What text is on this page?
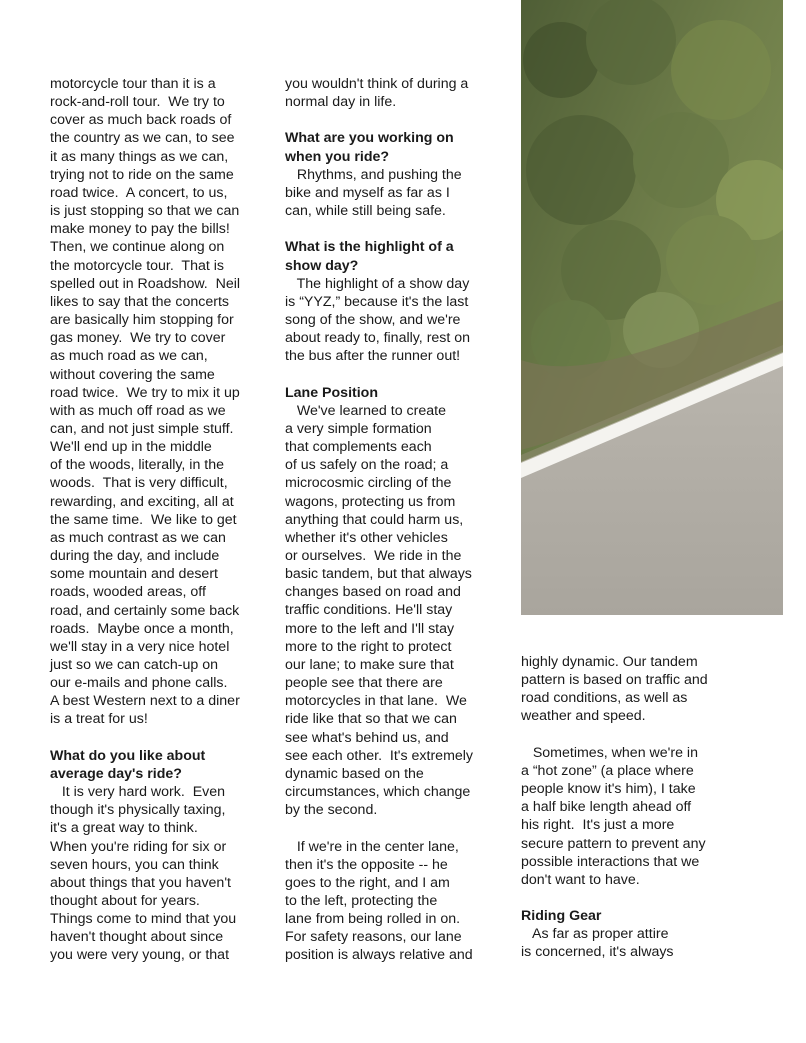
motorcycle tour than it is a

rock-and-roll tour.  We try to

cover as much back roads of

the country as we can, to see

it as many things as we can,

trying not to ride on the same

road twice.  A concert, to us,

is just stopping so that we can

make money to pay the bills!

Then, we continue along on

the motorcycle tour.  That is

spelled out in Roadshow.  Neil

likes to say that the concerts

are basically him stopping for

gas money.  We try to cover

as much road as we can,

without covering the same

road twice.  We try to mix it up

with as much off road as we

can, and not just simple stuff.

We'll end up in the middle

of the woods, literally, in the

woods.  That is very difficult,

rewarding, and exciting, all at

the same time.  We like to get

as much contrast as we can

during the day, and include

some mountain and desert

roads, wooded areas, off

road, and certainly some back

roads.  Maybe once a month,

we'll stay in a very nice hotel

just so we can catch-up on

our e-mails and phone calls.

A best Western next to a diner

is a treat for us!

What do you like about

average day's ride?

It is very hard work.  Even

though it's physically taxing,

it's a great way to think.

When you're riding for six or

seven hours, you can think

about things that you haven't

thought about for years.

Things come to mind that you

haven't thought about since

you were very young, or that

you wouldn't think of during a

normal day in life.

What are you working on

when you ride?

Rhythms, and pushing the

bike and myself as far as I

can, while still being safe.

What is the highlight of a

show day?

The highlight of a show day

is “YYZ,” because it's the last

song of the show, and we're

about ready to, finally, rest on

the bus after the runner out!

Lane Position

We've learned to create

a very simple formation

that complements each

of us safely on the road; a

microcosmic circling of the

wagons, protecting us from

anything that could harm us,

whether it's other vehicles

or ourselves.  We ride in the

basic tandem, but that always

changes based on road and

traffic conditions. He'll stay

more to the left and I'll stay

more to the right to protect

our lane; to make sure that

people see that there are

motorcycles in that lane.  We

ride like that so that we can

see what's behind us, and

see each other.  It's extremely

dynamic based on the

circumstances, which change

by the second.

If we're in the center lane,

then it's the opposite -- he

goes to the right, and I am

to the left, protecting the

lane from being rolled in on.

For safety reasons, our lane

position is always relative and

highly dynamic. Our tandem

pattern is based on traffic and

road conditions, as well as

weather and speed.

Sometimes, when we're in

a “hot zone” (a place where

people know it's him), I take

a half bike length ahead off

his right.  It's just a more

secure pattern to prevent any

possible interactions that we

don't want to have.

Riding Gear

As far as proper attire

is concerned, it's always
